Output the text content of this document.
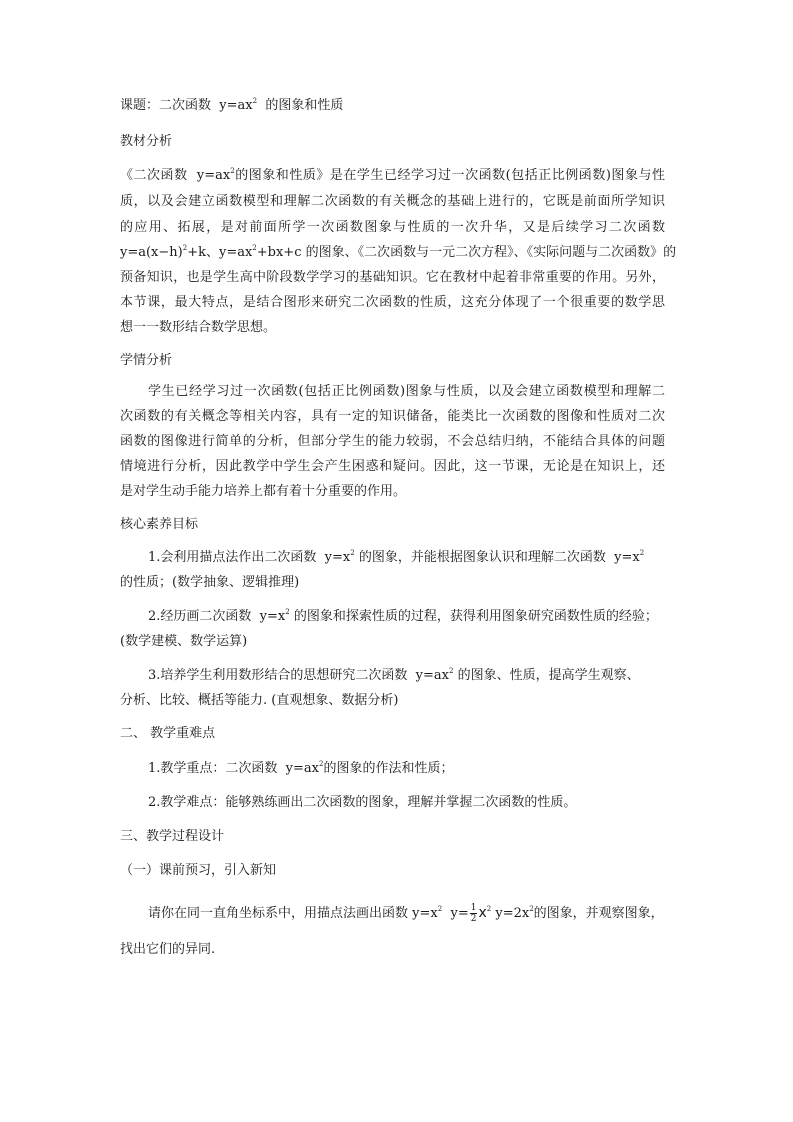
课题：二次函数 $y=ax^2$ 的图象和性质
教材分析
《二次函数 $y=ax^2$的图象和性质》是在学生已经学习过一次函数(包括正比例函数)图象与性
质，以及会建立函数模型和理解二次函数的有关概念的基础上进行的，它既是前面所学知识
的应用、拓展，是对前面所学一次函数图象与性质的一次升华，又是后续学习二次函数
$y=a(x-h)^2+k$、$y=ax^2+bx+c$ 的图象、《二次函数与一元二次方程》、《实际问题与二次函数》的
预备知识，也是学生高中阶段数学学习的基础知识。它在教材中起着非常重要的作用。另外，
本节课，最大特点，是结合图形来研究二次函数的性质，这充分体现了一个很重要的数学思
想一一数形结合数学思想。
学情分析
学生已经学习过一次函数(包括正比例函数)图象与性质，以及会建立函数模型和理解二
次函数的有关概念等相关内容，具有一定的知识储备，能类比一次函数的图像和性质对二次
函数的图像进行简单的分析，但部分学生的能力较弱，不会总结归纳，不能结合具体的问题
情境进行分析，因此教学中学生会产生困惑和疑问。因此，这一节课，无论是在知识上，还
是对学生动手能力培养上都有着十分重要的作用。
核心素养目标
1.会利用描点法作出二次函数 $y=x^2$ 的图象，并能根据图象认识和理解二次函数 $y=x^2$
的性质；(数学抽象、逻辑推理)
2.经历画二次函数 $y=x^2$ 的图象和探索性质的过程，获得利用图象研究函数性质的经验；
(数学建模、数学运算)
3.培养学生利用数形结合的思想研究二次函数 $y=ax^2$ 的图象、性质，提高学生观察、
分析、比较、概括等能力. (直观想象、数据分析)
二、 教学重难点
1.教学重点：二次函数 $y=ax^2$的图象的作法和性质；
2.教学难点：能够熟练画出二次函数的图象，理解并掌握二次函数的性质。
三、教学过程设计
（一）课前预习，引入新知
请你在同一直角坐标系中，用描点法画出函数 $y=x^2$ $y= \frac{1}{2} x^2$ $y=2x^2$的图象，并观察图象，
找出它们的异同.
